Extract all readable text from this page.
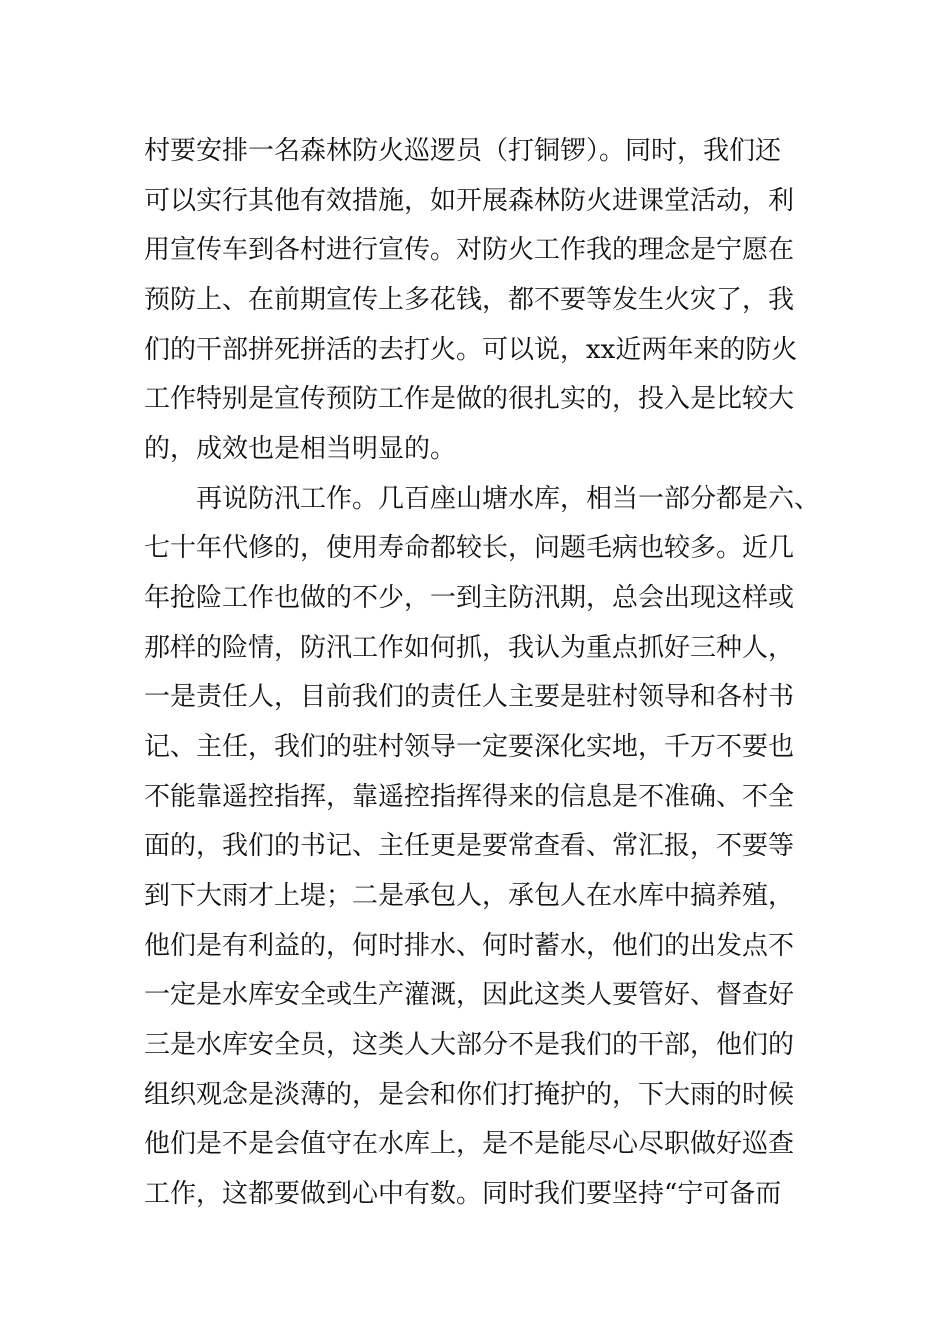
村要安排一名森林防火巡逻员（打铜锣）。同时，我们还
可以实行其他有效措施，如开展森林防火进课堂活动，利
用宣传车到各村进行宣传。对防火工作我的理念是宁愿在
预防上、在前期宣传上多花钱，都不要等发生火灾了，我
们的干部拼死拼活的去打火。可以说，xx近两年来的防火
工作特别是宣传预防工作是做的很扎实的，投入是比较大
的，成效也是相当明显的。
再说防汛工作。几百座山塘水库，相当一部分都是六、
七十年代修的，使用寿命都较长，问题毛病也较多。近几
年抢险工作也做的不少，一到主防汛期，总会出现这样或
那样的险情，防汛工作如何抓，我认为重点抓好三种人，
一是责任人，目前我们的责任人主要是驻村领导和各村书
记、主任，我们的驻村领导一定要深化实地，千万不要也
不能靠遥控指挥，靠遥控指挥得来的信息是不准确、不全
面的，我们的书记、主任更是要常查看、常汇报，不要等
到下大雨才上堤；二是承包人，承包人在水库中搞养殖，
他们是有利益的，何时排水、何时蓄水，他们的出发点不
一定是水库安全或生产灌溉，因此这类人要管好、督查好
三是水库安全员，这类人大部分不是我们的干部，他们的
组织观念是淡薄的，是会和你们打掩护的，下大雨的时候
他们是不是会值守在水库上，是不是能尽心尽职做好巡查
工作，这都要做到心中有数。同时我们要坚持“宁可备而
